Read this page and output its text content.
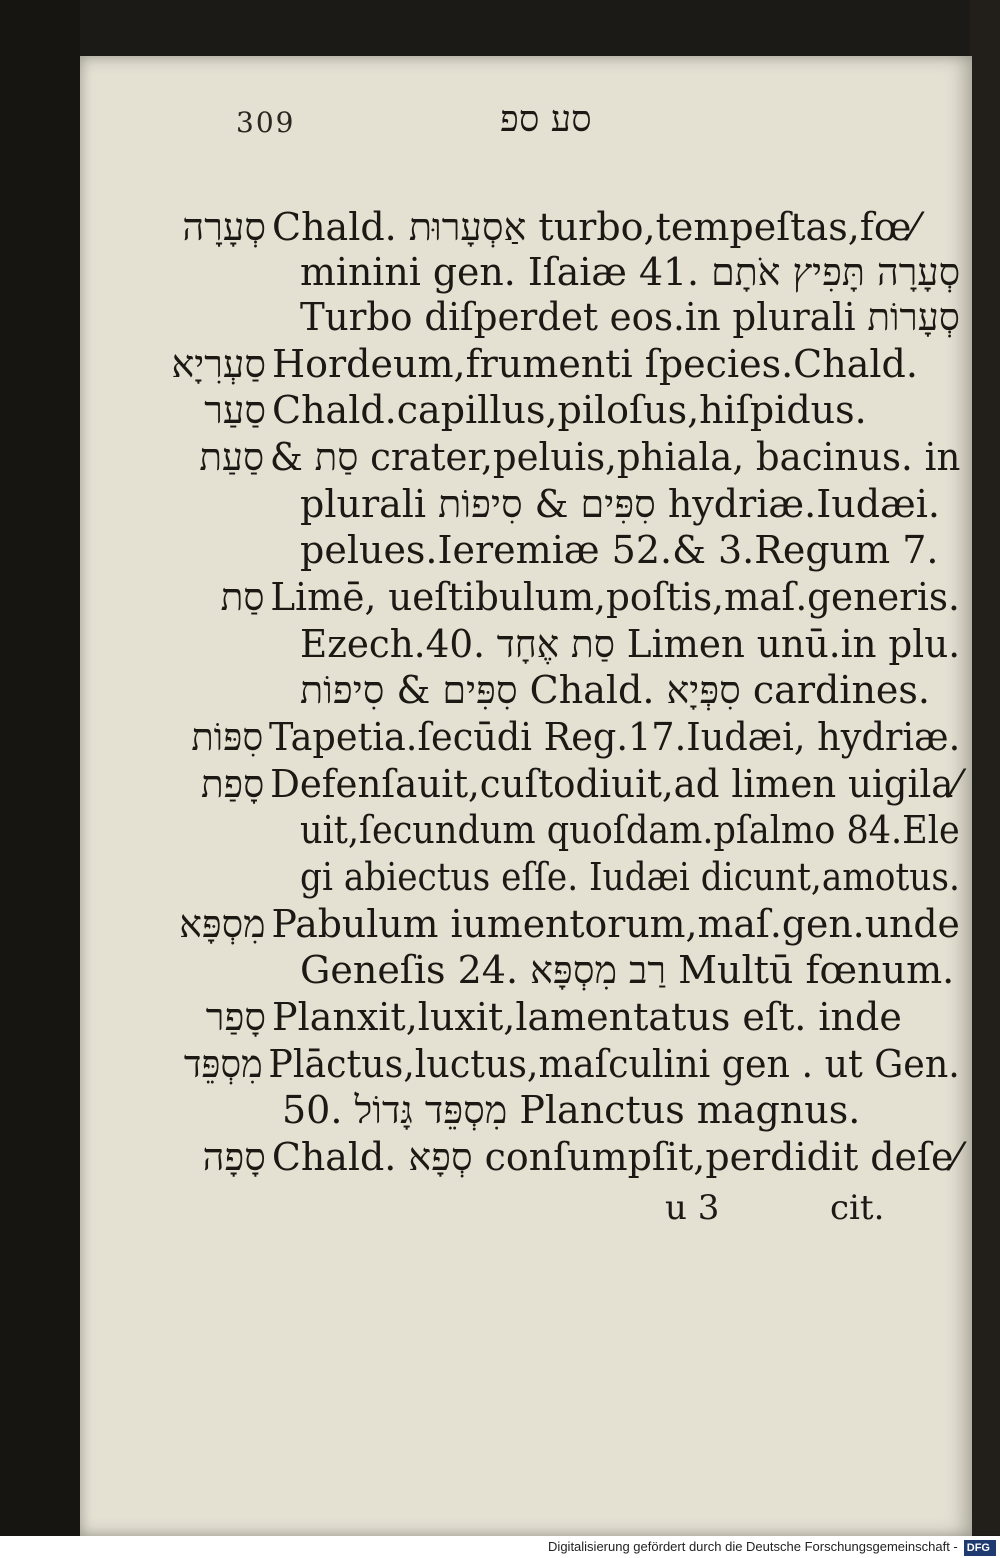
309	סע ספ
סְעָרָה Chald. אַסְעָרוּת turbo,tempeſtas,fœ⁄
minini gen. Iſaiæ 41. סְעָרָה תָּפִיץ אֹתָם
Turbo diſperdet eos.in plurali סְעָרוֹת
סַעְרִיָא Hordeum,frumenti ſpecies.Chald.
סַעַר Chald.capillus,piloſus,hiſpidus.
סַעַת & סַת crater,peluis,phiala, bacinus. in
plurali סִפִּים & סִיפוֹת hydriæ.Iudæi.
pelues.Ieremiæ 52.& 3.Regum 7.
סַת Limē, ueſtibulum,poſtis,maſ.generis.
Ezech.40. סַת אֶחָד Limen unū.in plu.
סִפִּים & סִיפוֹת Chald. סִפְּיָא cardines.
סִפּוֹת Tapetia.ſecūdi Reg.17.Iudæi, hydriæ.
סָפַת Defenſauit,cuſtodiuit,ad limen uigila⁄
uit,ſecundum quoſdam.pſalmo 84.Ele
gi abiectus eſſe. Iudæi dicunt,amotus.
מִסְפָּא Pabulum iumentorum,maſ.gen.unde
Geneſis 24. רַב מִסְפָּא Multū fœnum.
סָפַר Planxit,luxit,lamentatus eſt. inde
מִסְפֵּד Plāctus,luctus,maſculini gen . ut Gen.
50. מִסְפֵּד גָּדוֹל Planctus magnus.
סָפָה Chald. סְפָא conſumpſit,perdidit deſe⁄
u 3	cit.
Digitalisierung gefördert durch die Deutsche Forschungsgemeinschaft - DFG
